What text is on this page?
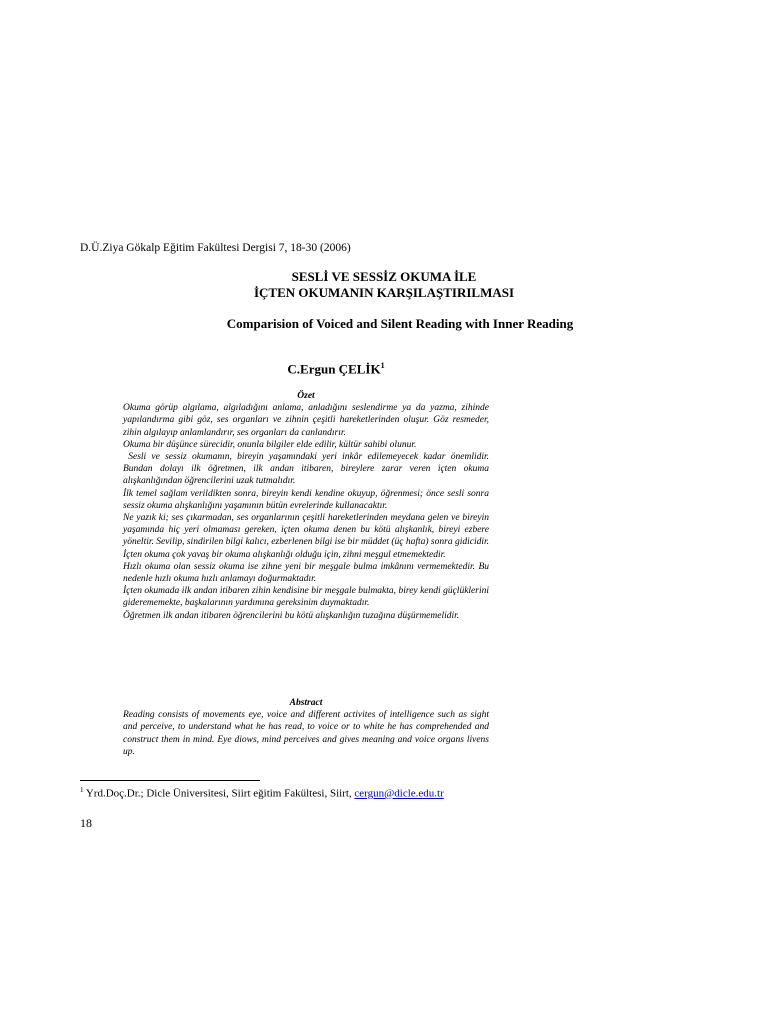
D.Ü.Ziya Gökalp Eğitim Fakültesi Dergisi 7, 18-30 (2006)
SESLİ VE SESSİZ OKUMA İLE
İÇTEN OKUMANIN KARŞILAŞTIRILMASI
Comparision of Voiced and Silent Reading with Inner Reading
C.Ergun ÇELİK$^1$
Özet

Okuma görüp algılama, algıladığını anlama, anladığını seslendirme ya da yazma, zihinde yapılandırma gibi göz, ses organları ve zihnin çeşitli hareketlerinden oluşur. Göz resmeder, zihin algılayıp anlamlandırır, ses organları da canlandırır.

Okuma bir düşünce sürecidir, onunla bilgiler elde edilir, kültür sahibi olunur.

Sesli ve sessiz okumanın, bireyin yaşamındaki yeri inkâr edilemeyecek kadar önemlidir. Bundan dolayı ilk öğretmen, ilk andan itibaren, bireylere zarar veren içten okuma alışkanlığından öğrencilerini uzak tutmalıdır.

İlk temel sağlam verildikten sonra, bireyin kendi kendine okuyup, öğrenmesi; önce sesli sonra sessiz okuma alışkanlığını yaşamının bütün evrelerinde kullanacaktır.

Ne yazık ki; ses çıkarmadan, ses organlarının çeşitli hareketlerinden meydana gelen ve bireyin yaşamında hiç yeri olmaması gereken, içten okuma denen bu kötü alışkanlık, bireyi ezbere yöneltir. Sevilip, sindirilen bilgi kalıcı, ezberlenen bilgi ise bir müddet (üç hafta) sonra gidicidir. İçten okuma çok yavaş bir okuma alışkanlığı olduğu için, zihni meşgul etmemektedir.

Hızlı okuma olan sessiz okuma ise zihne yeni bir meşgale bulma imkânını vermemektedir. Bu nedenle hızlı okuma hızlı anlamayı doğurmaktadır.

İçten okumada ilk andan itibaren zihin kendisine bir meşgale bulmakta, birey kendi güçlüklerini giderememekte, başkalarının yardımına gereksinim duymaktadır.

Öğretmen ilk andan itibaren öğrencilerini bu kötü alışkanlığın tuzağına düşürmemelidir.

Abstract

Reading consists of movements eye, voice and different activites of intelligence such as sight and perceive, to understand what he has read, to voice or to white he has comprehended and construct them in mind. Eye diows, mind perceives and gives meaning and voice organs livens up.

$^1$ Yrd.Doç.Dr.; Dicle Üniversitesi, Siirt eğitim Fakültesi, Siirt, cergun@dicle.edu.tr
18
